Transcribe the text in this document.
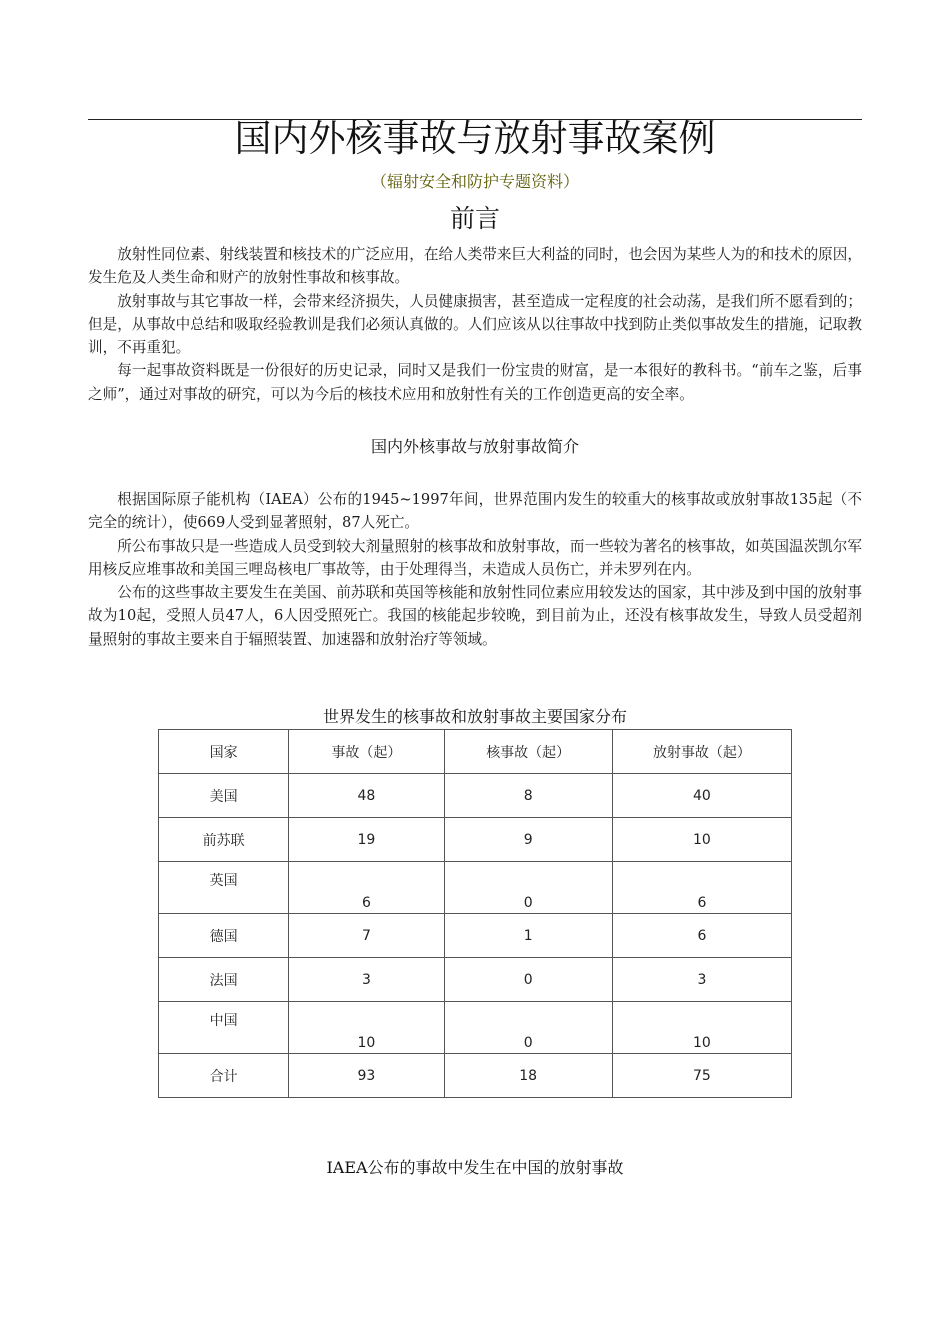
国内外核事故与放射事故案例
（辐射安全和防护专题资料）
前言

放射性同位素、射线装置和核技术的广泛应用，在给人类带来巨大利益的同时，也会因为某些人为的和技术的原因，发生危及人类生命和财产的放射性事故和核事故。

放射事故与其它事故一样，会带来经济损失，人员健康损害，甚至造成一定程度的社会动荡，是我们所不愿看到的；但是，从事故中总结和吸取经验教训是我们必须认真做的。人们应该从以往事故中找到防止类似事故发生的措施，记取教训，不再重犯。

每一起事故资料既是一份很好的历史记录，同时又是我们一份宝贵的财富，是一本很好的教科书。“前车之鉴，后事之师”，通过对事故的研究，可以为今后的核技术应用和放射性有关的工作创造更高的安全率。

国内外核事故与放射事故简介

根据国际原子能机构（IAEA）公布的1945~1997年间，世界范围内发生的较重大的核事故或放射事故135起（不完全的统计），使669人受到显著照射，87人死亡。

所公布事故只是一些造成人员受到较大剂量照射的核事故和放射事故，而一些较为著名的核事故，如英国温茨凯尔军用核反应堆事故和美国三哩岛核电厂事故等，由于处理得当，未造成人员伤亡，并未罗列在内。

公布的这些事故主要发生在美国、前苏联和英国等核能和放射性同位素应用较发达的国家，其中涉及到中国的放射事故为10起，受照人员47人，6人因受照死亡。我国的核能起步较晚，到目前为止，还没有核事故发生，导致人员受超剂量照射的事故主要来自于辐照装置、加速器和放射治疗等领域。

世界发生的核事故和放射事故主要国家分布
国家	事故（起）	核事故（起）	放射事故（起）
美国	48	8	40
前苏联	19	9	10
英国	6	0	6
德国	7	1	6
法国	3	0	3
中国	10	0	10
合计	93	18	75
IAEA公布的事故中发生在中国的放射事故
